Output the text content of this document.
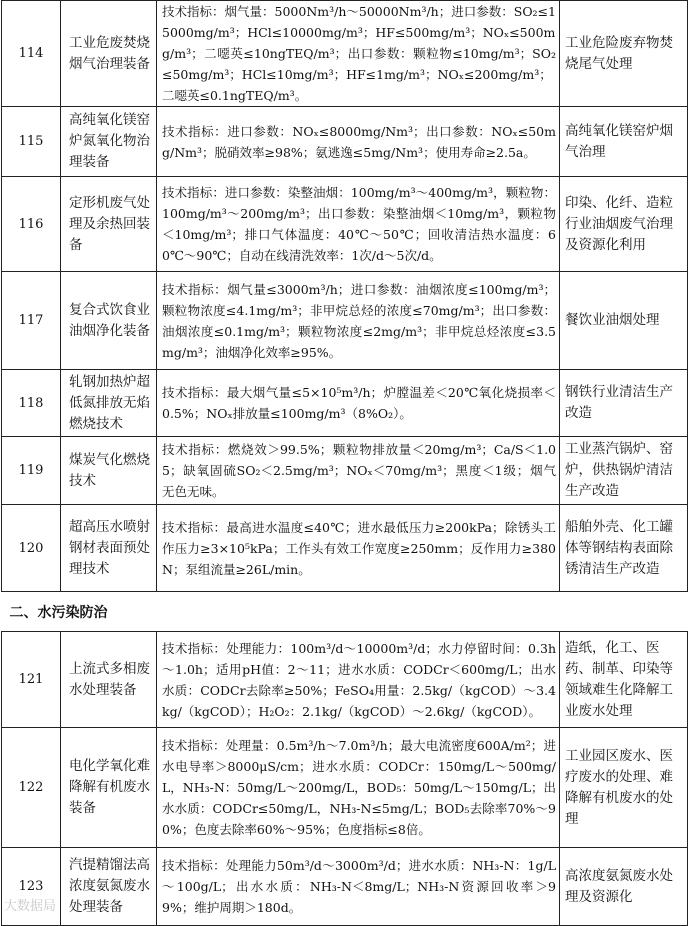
114	工业危废焚烧烟气治理装备	技术指标：烟气量：5000Nm³/h～50000Nm³/h；进口参数：SO₂≤15000mg/m³；HCl≤10000mg/m³；HF≤500mg/m³；NOₓ≤500mg/m³；二噁英≤10ngTEQ/m³；出口参数：颗粒物≤10mg/m³；SO₂≤50mg/m³；HCl≤10mg/m³；HF≤1mg/m³；NOₓ≤200mg/m³；二噁英≤0.1ngTEQ/m³。	工业危险废弃物焚烧尾气处理
115	高纯氧化镁窑炉氮氧化物治理装备	技术指标：进口参数：NOₓ≤8000mg/Nm³；出口参数：NOₓ≤50mg/Nm³；脱硝效率≥98%；氨逃逸≤5mg/Nm³；使用寿命≥2.5a。	高纯氧化镁窑炉烟气治理
116	定形机废气处理及余热回装备	技术指标：进口参数：染整油烟：100mg/m³～400mg/m³，颗粒物：100mg/m³～200mg/m³；出口参数：染整油烟＜10mg/m³，颗粒物＜10mg/m³；排口气体温度：40℃～50℃；回收清洁热水温度：60℃～90℃；自动在线清洗效率：1次/d～5次/d。	印染、化纤、造粒行业油烟废气治理及资源化利用
117	复合式饮食业油烟净化装备	技术指标：烟气量≤3000m³/h；进口参数：油烟浓度≤100mg/m³；颗粒物浓度≤4.1mg/m³；非甲烷总烃的浓度≤70mg/m³；出口参数：油烟浓度≤0.1mg/m³；颗粒物浓度≤2mg/m³；非甲烷总烃浓度≤3.5mg/m³；油烟净化效率≥95%。	餐饮业油烟处理
118	轧钢加热炉超低氮排放无焰燃烧技术	技术指标：最大烟气量≤5×10⁵m³/h；炉膛温差＜20℃氧化烧损率＜0.5%；NOₓ排放量≤100mg/m³（8%O₂）。	钢铁行业清洁生产改造
119	煤炭气化燃烧技术	技术指标：燃烧效＞99.5%；颗粒物排放量＜20mg/m³；Ca/S＜1.05；缺氧固硫SO₂＜2.5mg/m³；NOₓ＜70mg/m³；黑度＜1级；烟气无色无味。	工业蒸汽锅炉、窑炉，供热锅炉清洁生产改造
120	超高压水喷射钢材表面预处理技术	技术指标：最高进水温度≤40℃；进水最低压力≥200kPa；除锈头工作压力≥3×10⁵kPa；工作头有效工作宽度≥250mm；反作用力≥380N；泵组流量≥26L/min。	船舶外壳、化工罐体等钢结构表面除锈清洁生产改造
二、水污染防治			
121	上流式多相废水处理装备	技术指标：处理能力：100m³/d～10000m³/d；水力停留时间：0.3h～1.0h；适用pH值：2～11；进水水质：CODCr＜600mg/L；出水水质：CODCr去除率≥50%；FeSO₄用量：2.5kg/（kgCOD）～3.4kg/（kgCOD）；H₂O₂：2.1kg/（kgCOD）～2.6kg/（kgCOD）。	造纸，化工、医药、制革、印染等领域难生化降解工业废水处理
122	电化学氧化难降解有机废水装备	技术指标：处理量：0.5m³/h～7.0m³/h；最大电流密度600A/m²；进水电导率＞8000μS/cm；进水水质：CODCr：150mg/L～500mg/L，NH₃-N：50mg/L～200mg/L，BOD₅：50mg/L～150mg/L；出水水质：CODCr≤50mg/L，NH₃-N≤5mg/L；BOD₅去除率70%～90%；色度去除率60%～95%；色度指标≤8倍。	工业园区废水、医疗废水的处理、难降解有机废水的处理
123	汽提精馏法高浓度氨氮废水处理装备	技术指标：处理能力50m³/d～3000m³/d；进水水质：NH₃-N：1g/L～100g/L；出水水质：NH₃-N＜8mg/L；NH₃-N资源回收率＞99%；维护周期＞180d。	高浓度氨氮废水处理及资源化
大数据局
